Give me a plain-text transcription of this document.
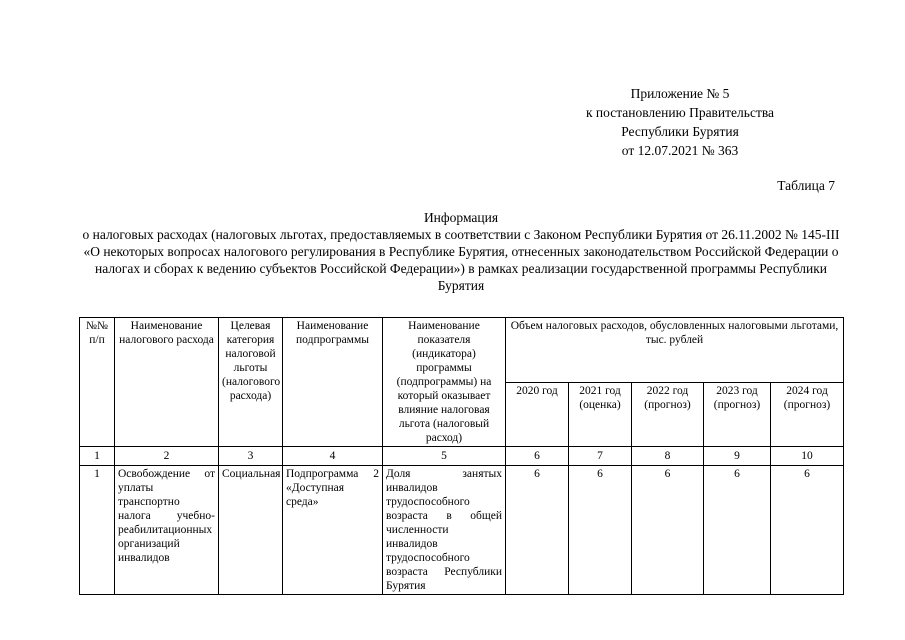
Приложение № 5
к постановлению Правительства
Республики Бурятия
от 12.07.2021 № 363
Таблица 7
Информация
о налоговых расходах (налоговых льготах, предоставляемых в соответствии с Законом Республики Бурятия от 26.11.2002 № 145-III «О некоторых вопросах налогового регулирования в Республике Бурятия, отнесенных законодательством Российской Федерации о налогах и сборах к ведению субъектов Российской Федерации») в рамках реализации государственной программы Республики Бурятия
№№ п/п	Наименование налогового расхода	Целевая категория налоговой льготы (налогового расхода)	Наименование подпрограммы	Наименование показателя (индикатора) программы (подпрограммы) на который оказывает влияние налоговая льгота (налоговый расход)	Объем налоговых расходов, обусловленных налоговыми льготами, тыс. рублей				
					2020 год	2021 год (оценка)	2022 год (прогноз)	2023 год (прогноз)	2024 год (прогноз)
1	2	3	4	5	6	7	8	9	10
1	Освобождение от уплаты транспортно налога учебно-реабилитационных организаций инвалидов	Социальная	Подпрограмма 2 «Доступная среда»	Доля занятых инвалидов трудоспособного возраста в общей численности инвалидов трудоспособного возраста Республики Бурятия	6	6	6	6	6
